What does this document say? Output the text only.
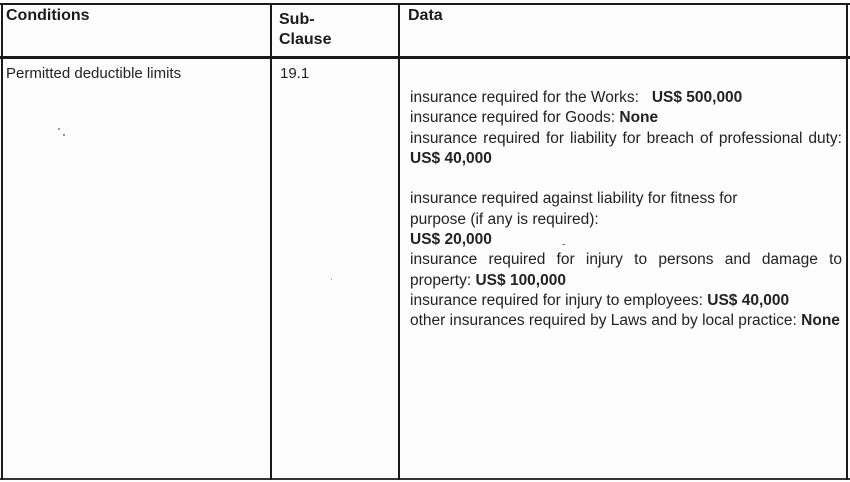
Conditions	Sub-
Clause
Data
Permitted deductible limits	19.1
insurance required for the Works: US$ 500,000
insurance required for Goods: None
insurance required for liability for breach of professional duty: US$ 40,000

insurance required against liability for fitness for
purpose (if any is required):
US$ 20,000

insurance required for injury to persons and damage to property: US$ 100,000
insurance required for injury to employees: US$ 40,000
other insurances required by Laws and by local practice: None
